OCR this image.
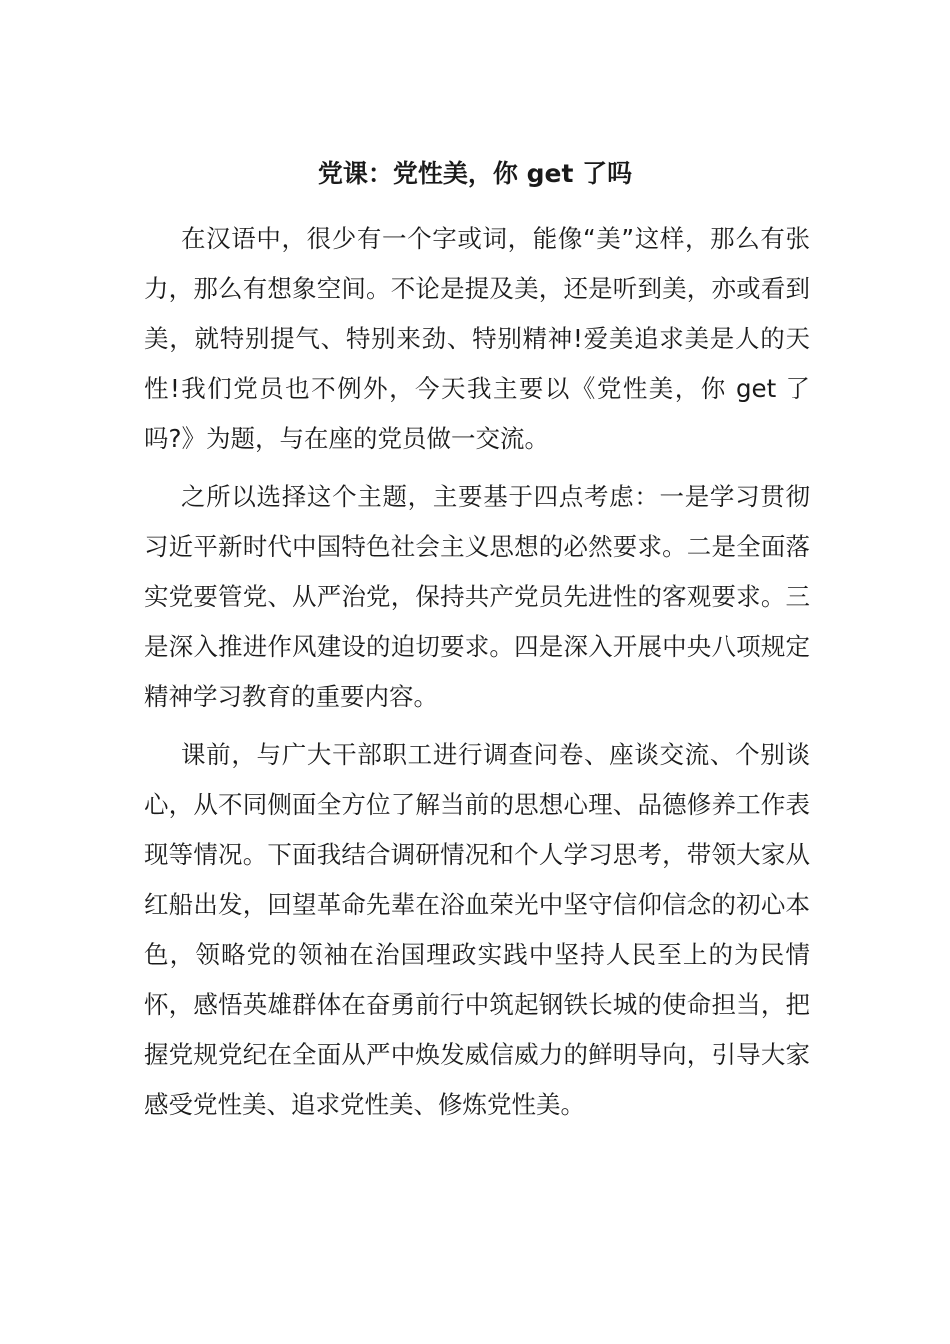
党课：党性美，你 get 了吗

在汉语中，很少有一个字或词，能像“美”这样，那么有张力，那么有想象空间。不论是提及美，还是听到美，亦或看到美，就特别提气、特别来劲、特别精神!爱美追求美是人的天性!我们党员也不例外，今天我主要以《党性美，你 get 了吗?》为题，与在座的党员做一交流。

之所以选择这个主题，主要基于四点考虑：一是学习贯彻习近平新时代中国特色社会主义思想的必然要求。二是全面落实党要管党、从严治党，保持共产党员先进性的客观要求。三是深入推进作风建设的迫切要求。四是深入开展中央八项规定精神学习教育的重要内容。

课前，与广大干部职工进行调查问卷、座谈交流、个别谈心，从不同侧面全方位了解当前的思想心理、品德修养工作表现等情况。下面我结合调研情况和个人学习思考，带领大家从红船出发，回望革命先辈在浴血荣光中坚守信仰信念的初心本色，领略党的领袖在治国理政实践中坚持人民至上的为民情怀，感悟英雄群体在奋勇前行中筑起钢铁长城的使命担当，把握党规党纪在全面从严中焕发威信威力的鲜明导向，引导大家感受党性美、追求党性美、修炼党性美。
